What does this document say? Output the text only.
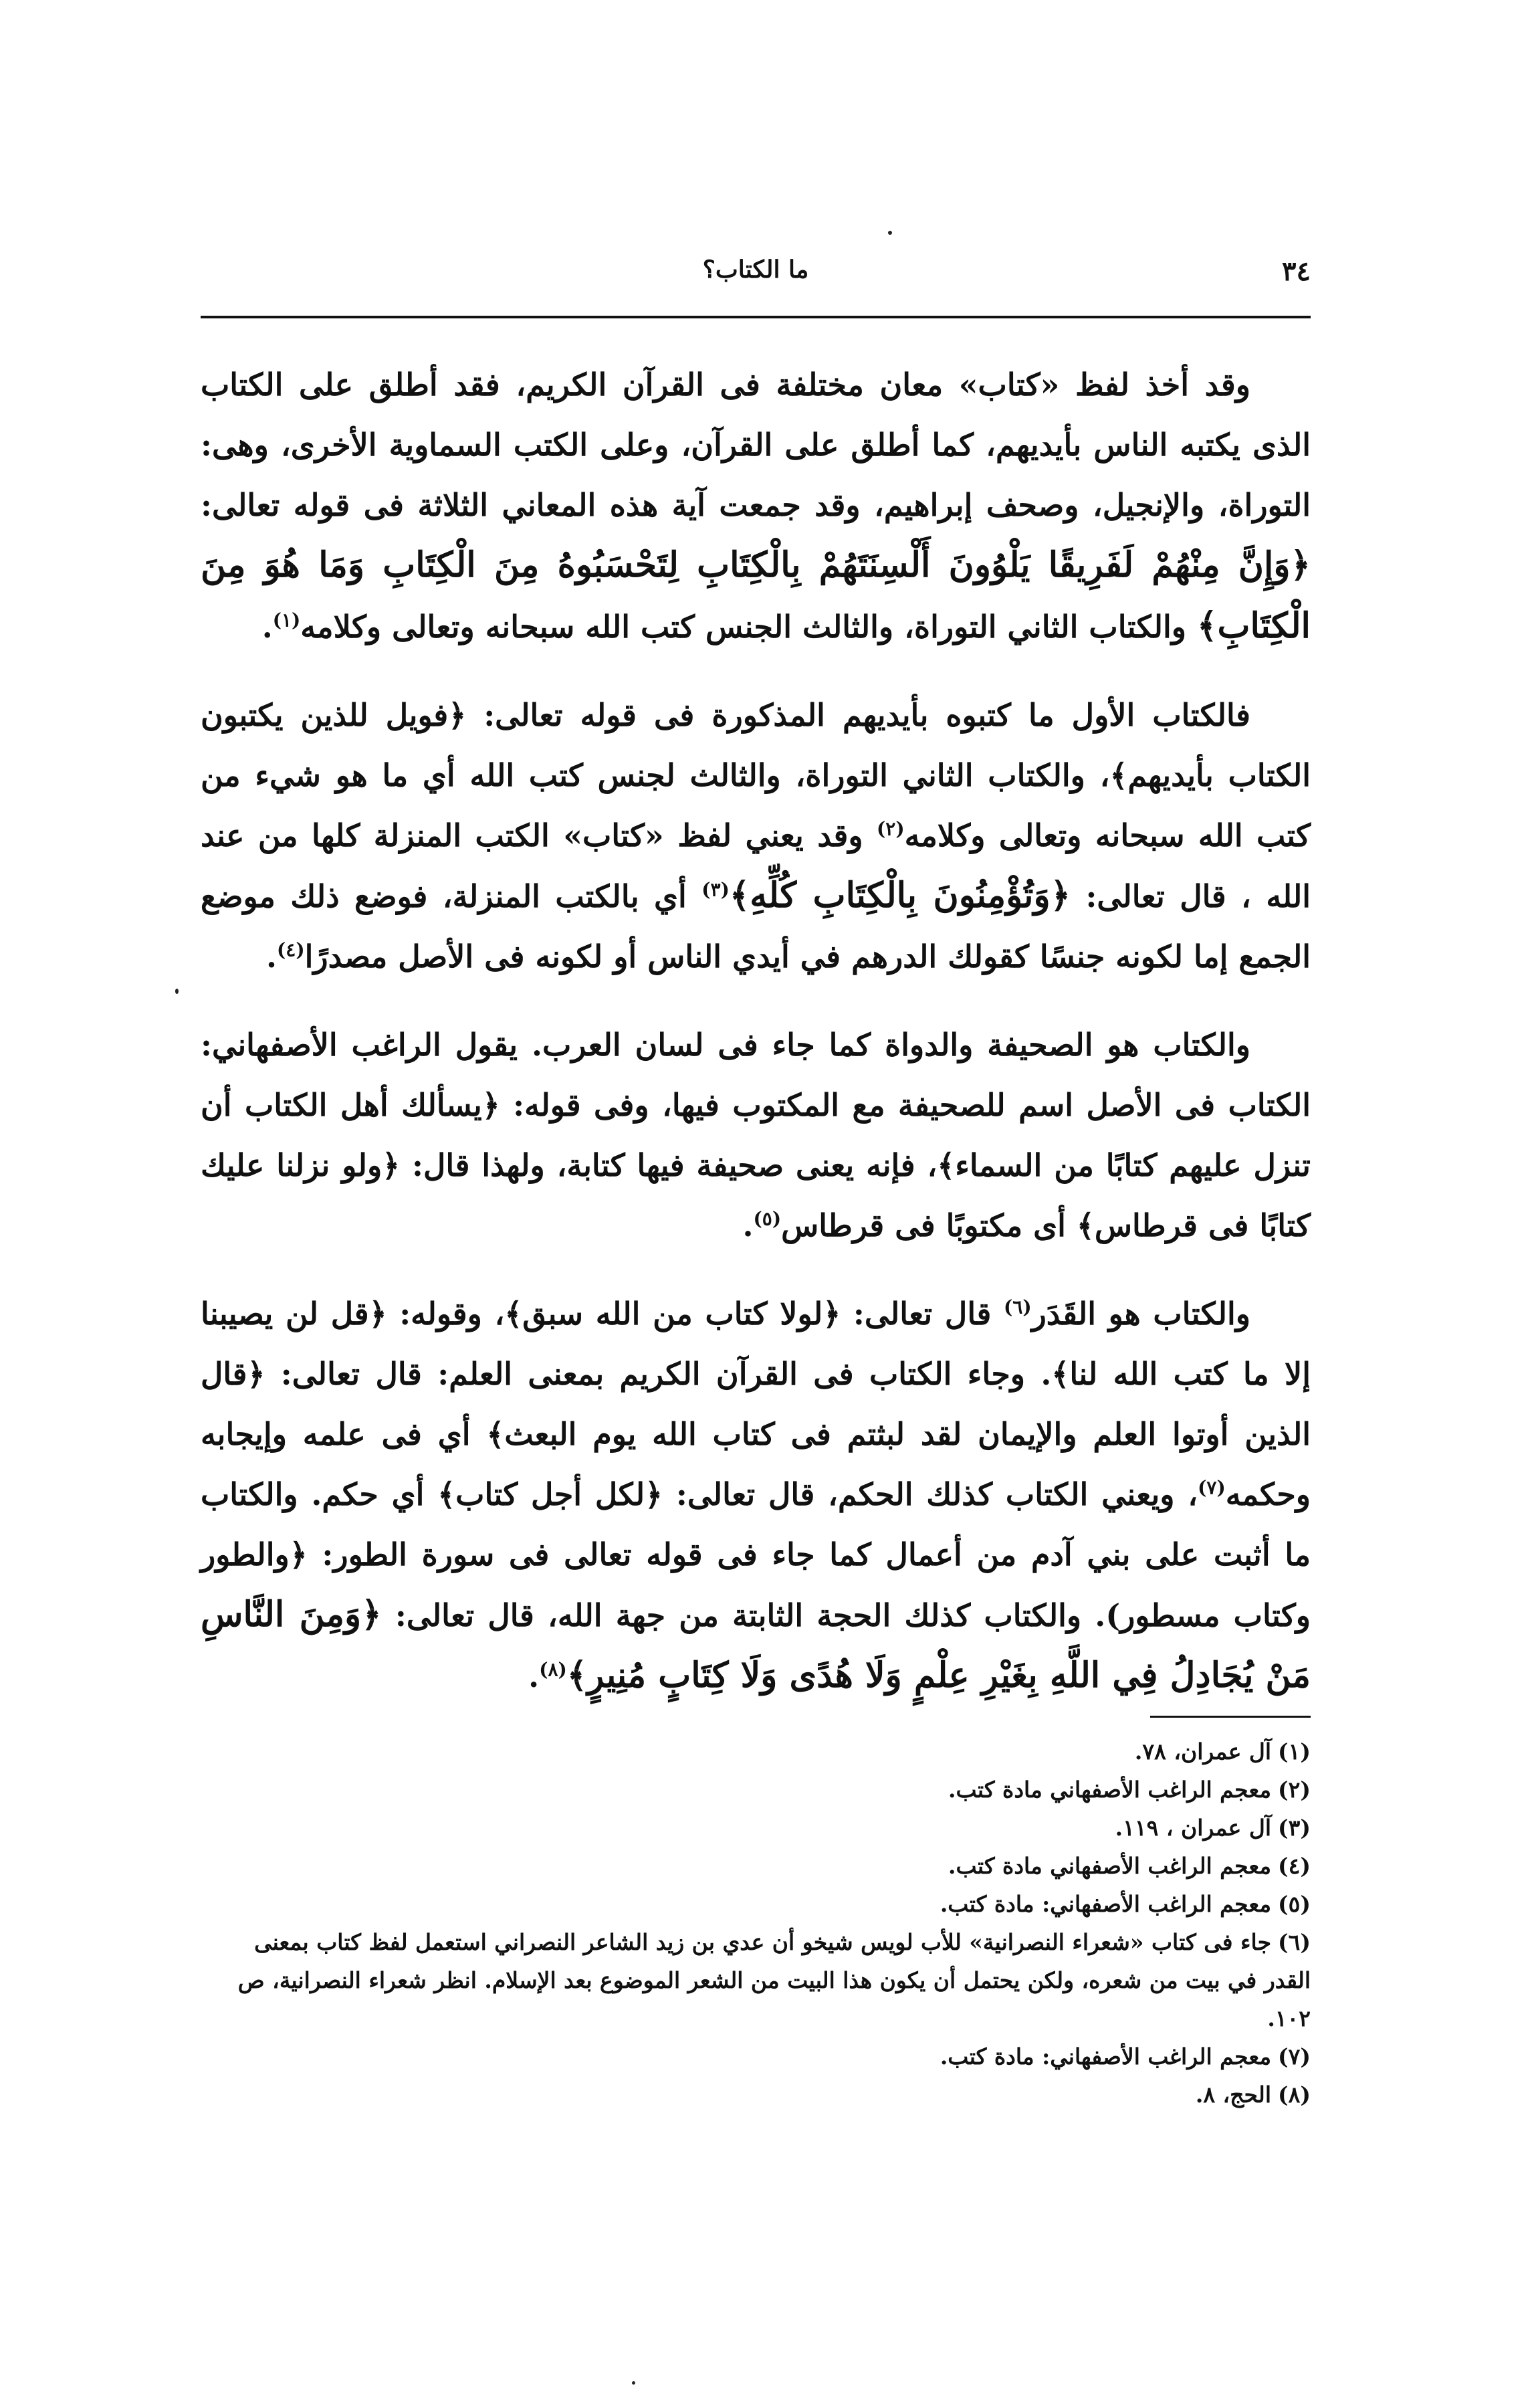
٣٤
ما الكتاب؟

وقد أخذ لفظ «كتاب» معان مختلفة فى القرآن الكريم، فقد أطلق على الكتاب الذى يكتبه الناس بأيديهم، كما أطلق على القرآن، وعلى الكتب السماوية الأخرى، وهى: التوراة، والإنجيل، وصحف إبراهيم، وقد جمعت آية هذه المعاني الثلاثة فى قوله تعالى: ﴿وَإِنَّ مِنْهُمْ لَفَرِيقًا يَلْوُونَ أَلْسِنَتَهُمْ بِالْكِتَابِ لِتَحْسَبُوهُ مِنَ الْكِتَابِ وَمَا هُوَ مِنَ الْكِتَابِ﴾ والكتاب الثاني التوراة، والثالث الجنس كتب الله سبحانه وتعالى وكلامه$^{(١)}$.

فالكتاب الأول ما كتبوه بأيديهم المذكورة فى قوله تعالى: ﴿فويل للذين يكتبون الكتاب بأيديهم﴾، والكتاب الثاني التوراة، والثالث لجنس كتب الله أي ما هو شيء من كتب الله سبحانه وتعالى وكلامه$^{(٢)}$ وقد يعني لفظ «كتاب» الكتب المنزلة كلها من عند الله ، قال تعالى: ﴿وَتُؤْمِنُونَ بِالْكِتَابِ كُلِّهِ﴾$^{(٣)}$ أي بالكتب المنزلة، فوضع ذلك موضع الجمع إما لكونه جنسًا كقولك الدرهم في أيدي الناس أو لكونه فى الأصل مصدرًا$^{(٤)}$.

والكتاب هو الصحيفة والدواة كما جاء فى لسان العرب. يقول الراغب الأصفهاني: الكتاب فى الأصل اسم للصحيفة مع المكتوب فيها، وفى قوله: ﴿يسألك أهل الكتاب أن تنزل عليهم كتابًا من السماء﴾، فإنه يعنى صحيفة فيها كتابة، ولهذا قال: ﴿ولو نزلنا عليك كتابًا فى قرطاس﴾ أى مكتوبًا فى قرطاس$^{(٥)}$.

والكتاب هو القَدَر$^{(٦)}$ قال تعالى: ﴿لولا كتاب من الله سبق﴾، وقوله: ﴿قل لن يصيبنا إلا ما كتب الله لنا﴾. وجاء الكتاب فى القرآن الكريم بمعنى العلم: قال تعالى: ﴿قال الذين أوتوا العلم والإيمان لقد لبثتم فى كتاب الله يوم البعث﴾ أي فى علمه وإيجابه وحكمه$^{(٧)}$، ويعني الكتاب كذلك الحكم، قال تعالى: ﴿لكل أجل كتاب﴾ أي حكم. والكتاب ما أثبت على بني آدم من أعمال كما جاء فى قوله تعالى فى سورة الطور: ﴿والطور وكتاب مسطور). والكتاب كذلك الحجة الثابتة من جهة الله، قال تعالى: ﴿وَمِنَ النَّاسِ مَنْ يُجَادِلُ فِي اللَّهِ بِغَيْرِ عِلْمٍ وَلَا هُدًى وَلَا كِتَابٍ مُنِيرٍ﴾$^{(٨)}$.

(١)آل عمران، ٧٨.

(٢)معجم الراغب الأصفهاني مادة كتب.

(٣)آل عمران ، ١١٩.

(٤)معجم الراغب الأصفهاني مادة كتب.

(٥)معجم الراغب الأصفهاني: مادة كتب.

(٦)جاء فى كتاب «شعراء النصرانية» للأب لويس شيخو أن عدي بن زيد الشاعر النصراني استعمل لفظ كتاب بمعنى القدر في بيت من شعره، ولكن يحتمل أن يكون هذا البيت من الشعر الموضوع بعد الإسلام. انظر شعراء النصرانية، ص ١٠٢.

(٧)معجم الراغب الأصفهاني: مادة كتب.

(٨)الحج، ٨.
